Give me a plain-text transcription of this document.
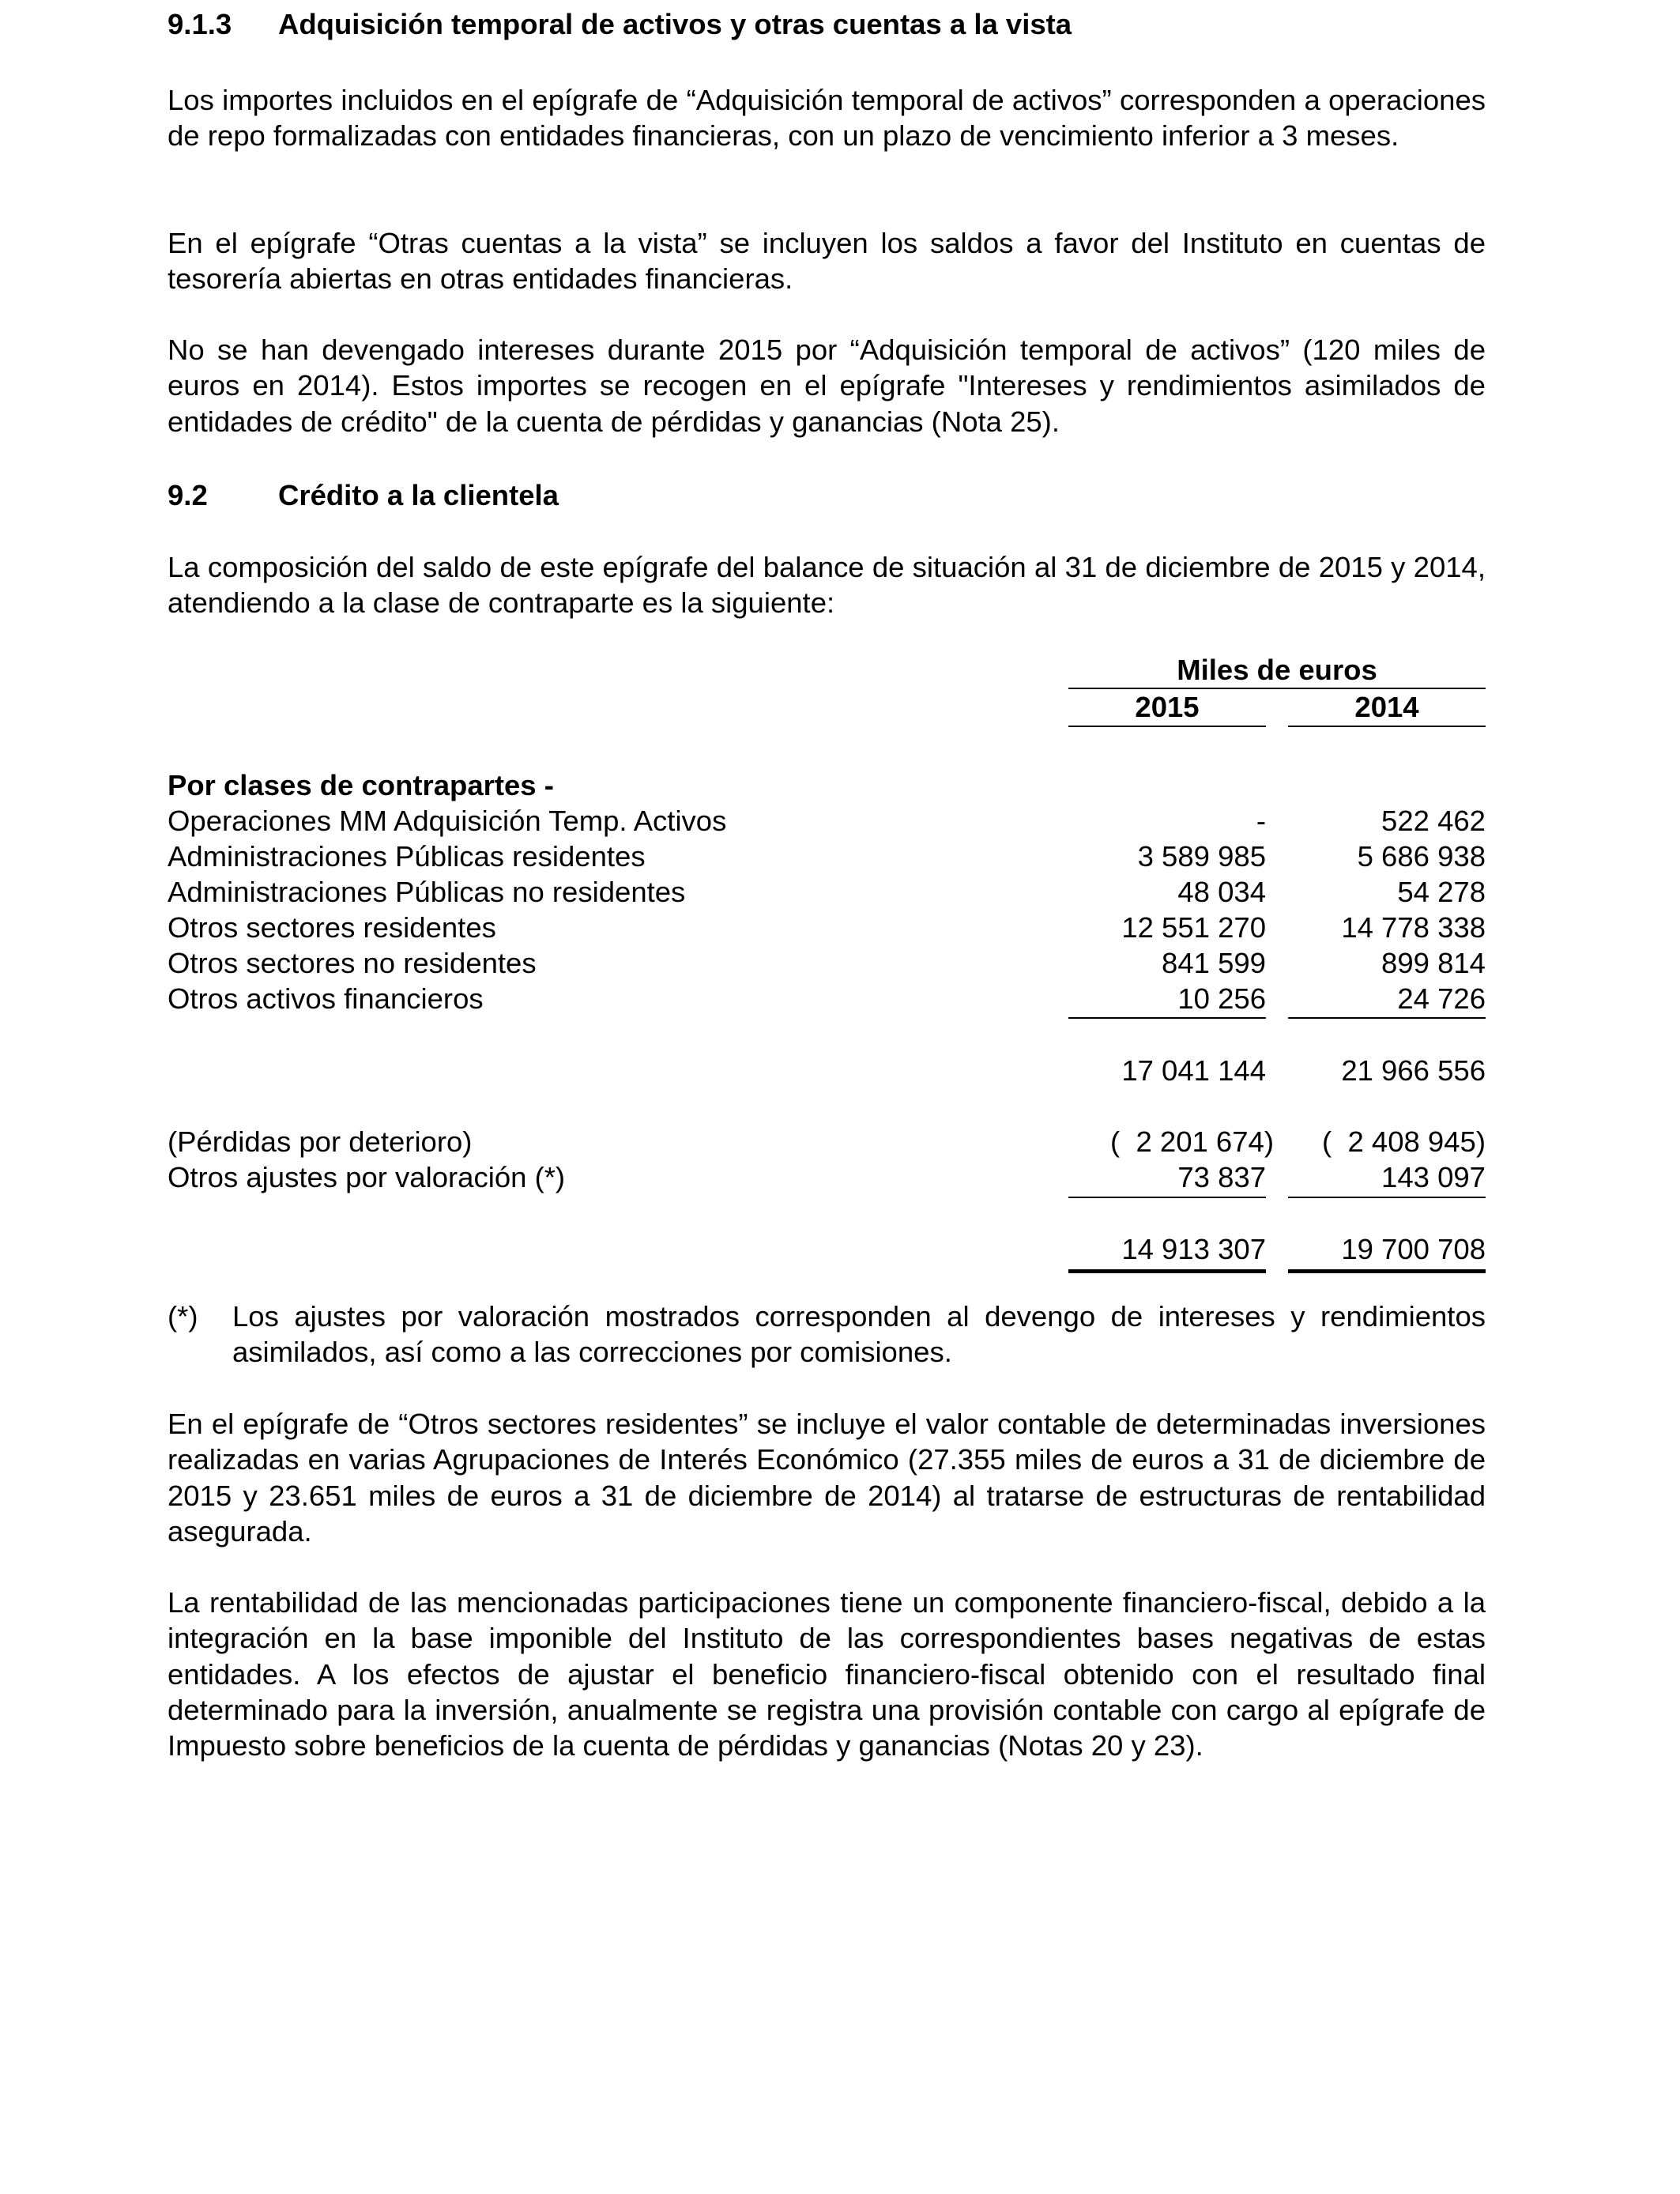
9.1.3 Adquisición temporal de activos y otras cuentas a la vista
Los importes incluidos en el epígrafe de “Adquisición temporal de activos” corresponden a operaciones de repo formalizadas con entidades financieras, con un plazo de vencimiento inferior a 3 meses.
En el epígrafe “Otras cuentas a la vista” se incluyen los saldos a favor del Instituto en cuentas de tesorería abiertas en otras entidades financieras.
No se han devengado intereses durante 2015 por “Adquisición temporal de activos” (120 miles de euros en 2014). Estos importes se recogen en el epígrafe "Intereses y rendimientos asimilados de entidades de crédito" de la cuenta de pérdidas y ganancias (Nota 25).
9.2 Crédito a la clientela
La composición del saldo de este epígrafe del balance de situación al 31 de diciembre de 2015 y 2014, atendiendo a la clase de contraparte es la siguiente:
Miles de euros
2015	2014
Por clases de contrapartes -
Operaciones MM Adquisición Temp. Activos	-	522 462
Administraciones Públicas residentes	3 589 985	5 686 938
Administraciones Públicas no residentes	48 034	54 278
Otros sectores residentes	12 551 270	14 778 338
Otros sectores no residentes	841 599	899 814
Otros activos financieros	10 256	24 726
17 041 144	21 966 556
(Pérdidas por deterioro)	(  2 201 674) (  2 408 945)
Otros ajustes por valoración (*)	73 837	143 097
14 913 307	19 700 708
(*) Los ajustes por valoración mostrados corresponden al devengo de intereses y rendimientos asimilados, así como a las correcciones por comisiones.
En el epígrafe de “Otros sectores residentes” se incluye el valor contable de determinadas inversiones realizadas en varias Agrupaciones de Interés Económico (27.355 miles de euros a 31 de diciembre de 2015 y 23.651 miles de euros a 31 de diciembre de 2014) al tratarse de estructuras de rentabilidad asegurada.
La rentabilidad de las mencionadas participaciones tiene un componente financiero-fiscal, debido a la integración en la base imponible del Instituto de las correspondientes bases negativas de estas entidades. A los efectos de ajustar el beneficio financiero-fiscal obtenido con el resultado final determinado para la inversión, anualmente se registra una provisión contable con cargo al epígrafe de Impuesto sobre beneficios de la cuenta de pérdidas y ganancias (Notas 20 y 23).
